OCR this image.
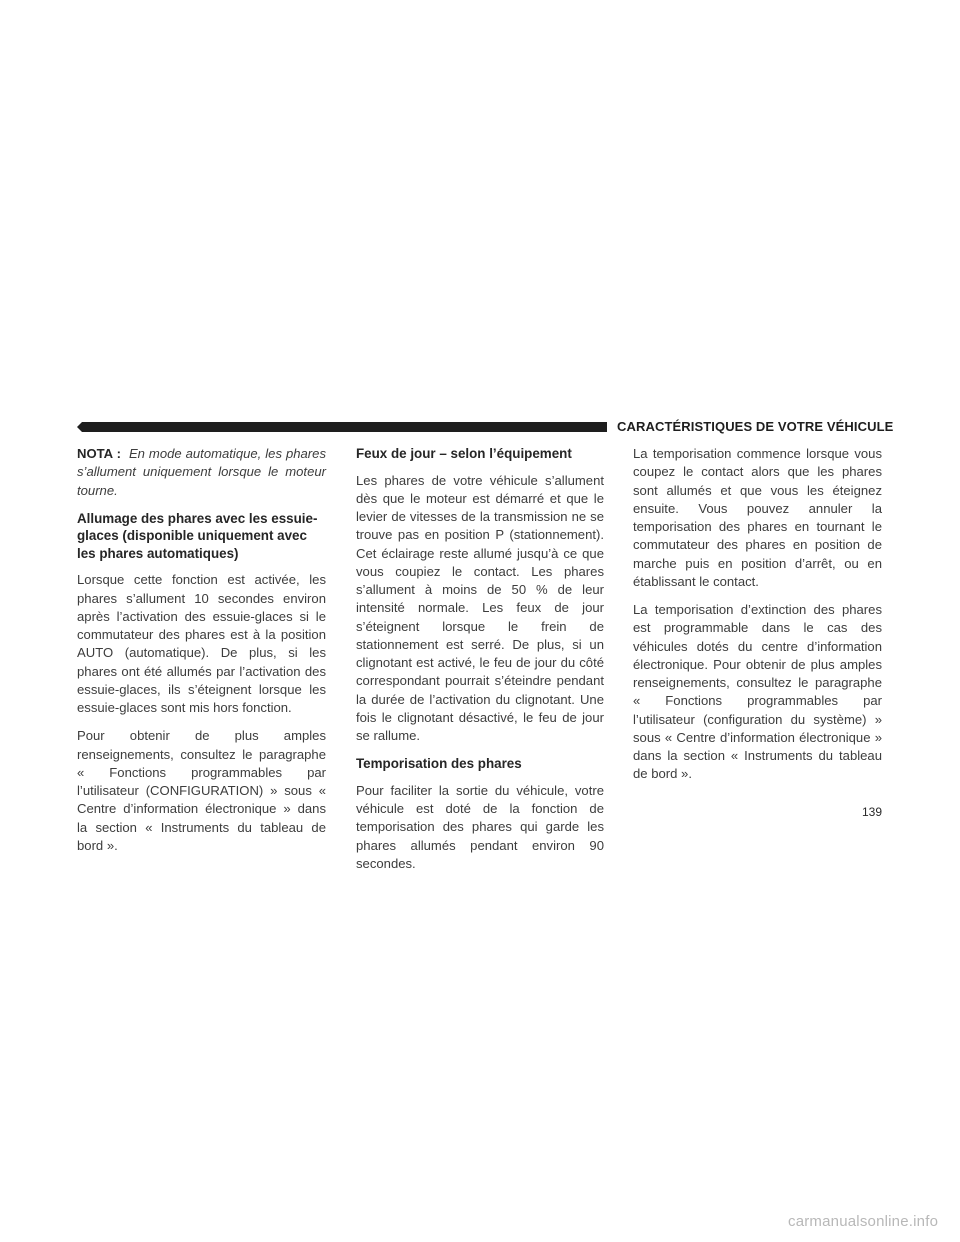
CARACTÉRISTIQUES DE VOTRE VÉHICULE

NOTA : En mode automatique, les phares s’allument uniquement lorsque le moteur tourne.

Allumage des phares avec les essuie-glaces (disponible uniquement avec les phares automatiques)

Lorsque cette fonction est activée, les phares s’allument 10 secondes environ après l’activation des essuie-glaces si le commutateur des phares est à la position AUTO (automatique). De plus, si les phares ont été allumés par l’activation des essuie-glaces, ils s’éteignent lorsque les essuie-glaces sont mis hors fonction.

Pour obtenir de plus amples renseignements, consultez le paragraphe « Fonctions programmables par l’utilisateur (CONFIGURATION) » sous « Centre d’information électronique » dans la section « Instruments du tableau de bord ».

Feux de jour – selon l’équipement

Les phares de votre véhicule s’allument dès que le moteur est démarré et que le levier de vitesses de la transmission ne se trouve pas en position P (stationnement). Cet éclairage reste allumé jusqu’à ce que vous coupiez le contact. Les phares s’allument à moins de 50 % de leur intensité normale. Les feux de jour s’éteignent lorsque le frein de stationnement est serré. De plus, si un clignotant est activé, le feu de jour du côté correspondant pourrait s’éteindre pendant la durée de l’activation du clignotant. Une fois le clignotant désactivé, le feu de jour se rallume.

Temporisation des phares

Pour faciliter la sortie du véhicule, votre véhicule est doté de la fonction de temporisation des phares qui garde les phares allumés pendant environ 90 secondes.

La temporisation commence lorsque vous coupez le contact alors que les phares sont allumés et que vous les éteignez ensuite. Vous pouvez annuler la temporisation des phares en tournant le commutateur des phares en position de marche puis en position d’arrêt, ou en établissant le contact.

La temporisation d’extinction des phares est programmable dans le cas des véhicules dotés du centre d’information électronique. Pour obtenir de plus amples renseignements, consultez le paragraphe « Fonctions programmables par l’utilisateur (configuration du système) » sous « Centre d’information électronique » dans la section « Instruments du tableau de bord ».

139
carmanualsonline.info
